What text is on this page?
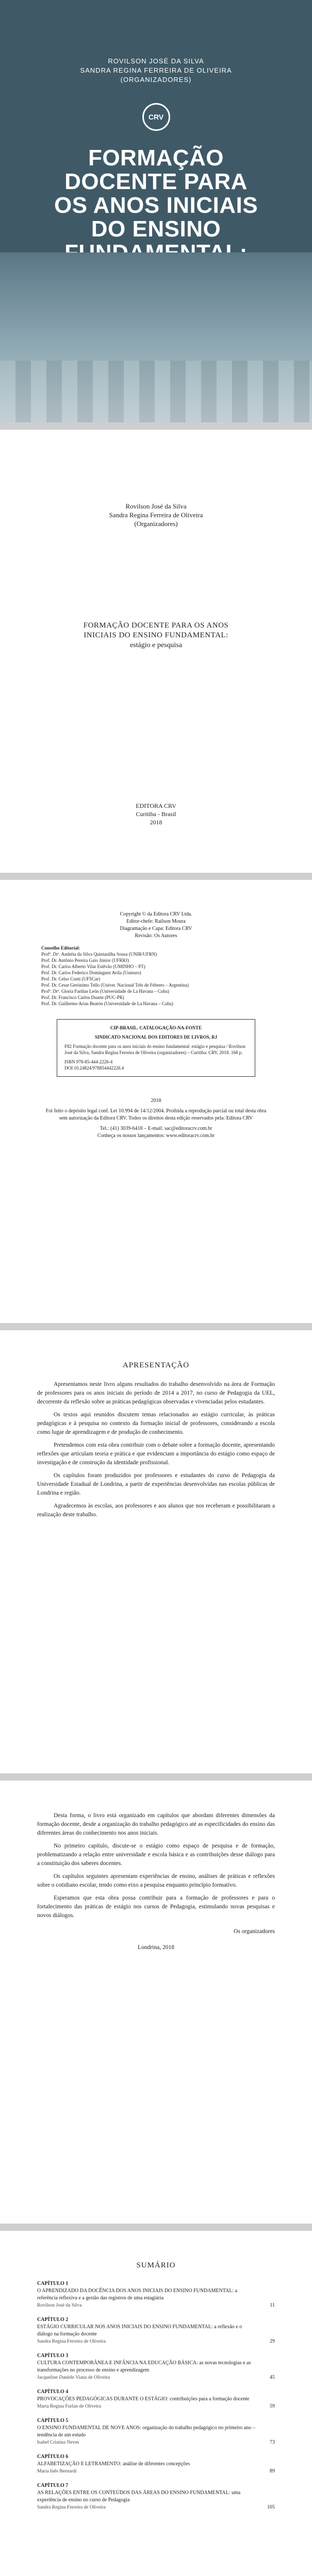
ROVILSON JOSÉ DA SILVA
SANDRA REGINA FERREIRA DE OLIVEIRA
(ORGANIZADORES)
CRV
FORMAÇÃO
DOCENTE PARA
OS ANOS INICIAIS
DO ENSINO
Rovilson José da Silva
Sandra Regina Ferreira de Oliveira
(Organizadores)
FORMAÇÃO DOCENTE PARA OS ANOS
INICIAIS DO ENSINO FUNDAMENTAL:
estágio e pesquisa
EDITORA CRV
Curitiba - Brasil
2018
Copyright © da Editora CRV Ltda.
Editor-chefe: Railson Moura
Diagramação e Capa: Editora CRV
Revisão: Os Autores
Conselho Editorial:
Profª. Drª. Andréia da Silva Quintanilha Sousa (UNIR/UFRN)
Prof. Dr. Antônio Pereira Gaio Júnior (UFRRJ)
Prof. Dr. Carlos Alberto Vilar Estêvão (UMINHO – PT)
Prof. Dr. Carlos Federico Dominguez Avila (Unieuro)
Prof. Dr. Celso Conti (UFSCar)
Prof. Dr. Cesar Gerónimo Tello (Univer. Nacional Três de Febrero – Argentina)
Profª. Drª. Gloria Fariñas León (Universidade de La Havana – Cuba)
Prof. Dr. Francisco Carlos Duarte (PUC-PR)
Prof. Dr. Guillermo Arias Beatón (Universidade de La Havana – Cuba)
CIP-BRASIL. CATALOGAÇÃO-NA-FONTE
SINDICATO NACIONAL DOS EDITORES DE LIVROS, RJ
F82 Formação docente para os anos iniciais do ensino fundamental: estágio e pesquisa / Rovilson José da Silva, Sandra Regina Ferreira de Oliveira (organizadores) – Curitiba: CRV, 2018. 168 p.
ISBN 978-85-444-2226-4
DOI 10.24824/978854442226.4
2018
Foi feito o depósito legal conf. Lei 10.994 de 14/12/2004. Proibida a reprodução parcial ou total desta obra sem autorização da Editora CRV. Todos os direitos desta edição reservados pela: Editora CRV
Tel.: (41) 3039-6418 – E-mail: sac@editoracrv.com.br
Conheça os nossos lançamentos: www.editoracrv.com.br
APRESENTAÇÃO

Apresentamos neste livro alguns resultados do trabalho desenvolvido na área de Formação de professores para os anos iniciais do período de 2014 a 2017, no curso de Pedagogia da UEL, decorrente da reflexão sobre as práticas pedagógicas observadas e vivenciadas pelos estudantes.

Os textos aqui reunidos discutem temas relacionados ao estágio curricular, às práticas pedagógicas e à pesquisa no contexto da formação inicial de professores, considerando a escola como lugar de aprendizagem e de produção de conhecimento.

Pretendemos com esta obra contribuir com o debate sobre a formação docente, apresentando reflexões que articulam teoria e prática e que evidenciam a importância do estágio como espaço de investigação e de construção da identidade profissional.

Os capítulos foram produzidos por professores e estudantes do curso de Pedagogia da Universidade Estadual de Londrina, a partir de experiências desenvolvidas nas escolas públicas de Londrina e região.

Agradecemos às escolas, aos professores e aos alunos que nos receberam e possibilitaram a realização deste trabalho.

Desta forma, o livro está organizado em capítulos que abordam diferentes dimensões da formação docente, desde a organização do trabalho pedagógico até as especificidades do ensino das diferentes áreas do conhecimento nos anos iniciais.

No primeiro capítulo, discute-se o estágio como espaço de pesquisa e de formação, problematizando a relação entre universidade e escola básica e as contribuições desse diálogo para a constituição dos saberes docentes.

Os capítulos seguintes apresentam experiências de ensino, análises de práticas e reflexões sobre o cotidiano escolar, tendo como eixo a pesquisa enquanto princípio formativo.

Esperamos que esta obra possa contribuir para a formação de professores e para o fortalecimento das práticas de estágio nos cursos de Pedagogia, estimulando novas pesquisas e novos diálogos.

Os organizadores

Londrina, 2018

SUMÁRIO
CAPÍTULO 1
O APRENDIZADO DA DOCÊNCIA DOS ANOS INICIAIS DO ENSINO FUNDAMENTAL: a referência reflexiva e a gestão das registros de uma estagiária
Rovilson José da Silva	11
CAPÍTULO 2
ESTÁGIO CURRICULAR NOS ANOS INICIAIS DO ENSINO FUNDAMENTAL: a reflexão e o diálogo na formação docente
Sandra Regina Ferreira de Oliveira	29
CAPÍTULO 3
CULTURA CONTEMPORÂNEA E INFÂNCIA NA EDUCAÇÃO BÁSICA: as novas tecnologias e as transformações no processo de ensino e aprendizagem
Jacqueline Daniele Viana de Oliveira	45
CAPÍTULO 4
PROVOCAÇÕES PEDAGÓGICAS DURANTE O ESTÁGIO: contribuições para a formação docente
Marta Regina Furlan de Oliveira	59
CAPÍTULO 5
O ENSINO FUNDAMENTAL DE NOVE ANOS: organização do trabalho pedagógico no primeiro ano – tendência de um estudo
Isabel Cristina Neves	73
CAPÍTULO 6
ALFABETIZAÇÃO E LETRAMENTO: análise de diferentes concepções
Maria Inês Bernardi	89
CAPÍTULO 7
AS RELAÇÕES ENTRE OS CONTEÚDOS DAS ÁREAS DO ENSINO FUNDAMENTAL: uma experiência de ensino no curso de Pedagogia
Sandra Regina Ferreira de Oliveira	105
